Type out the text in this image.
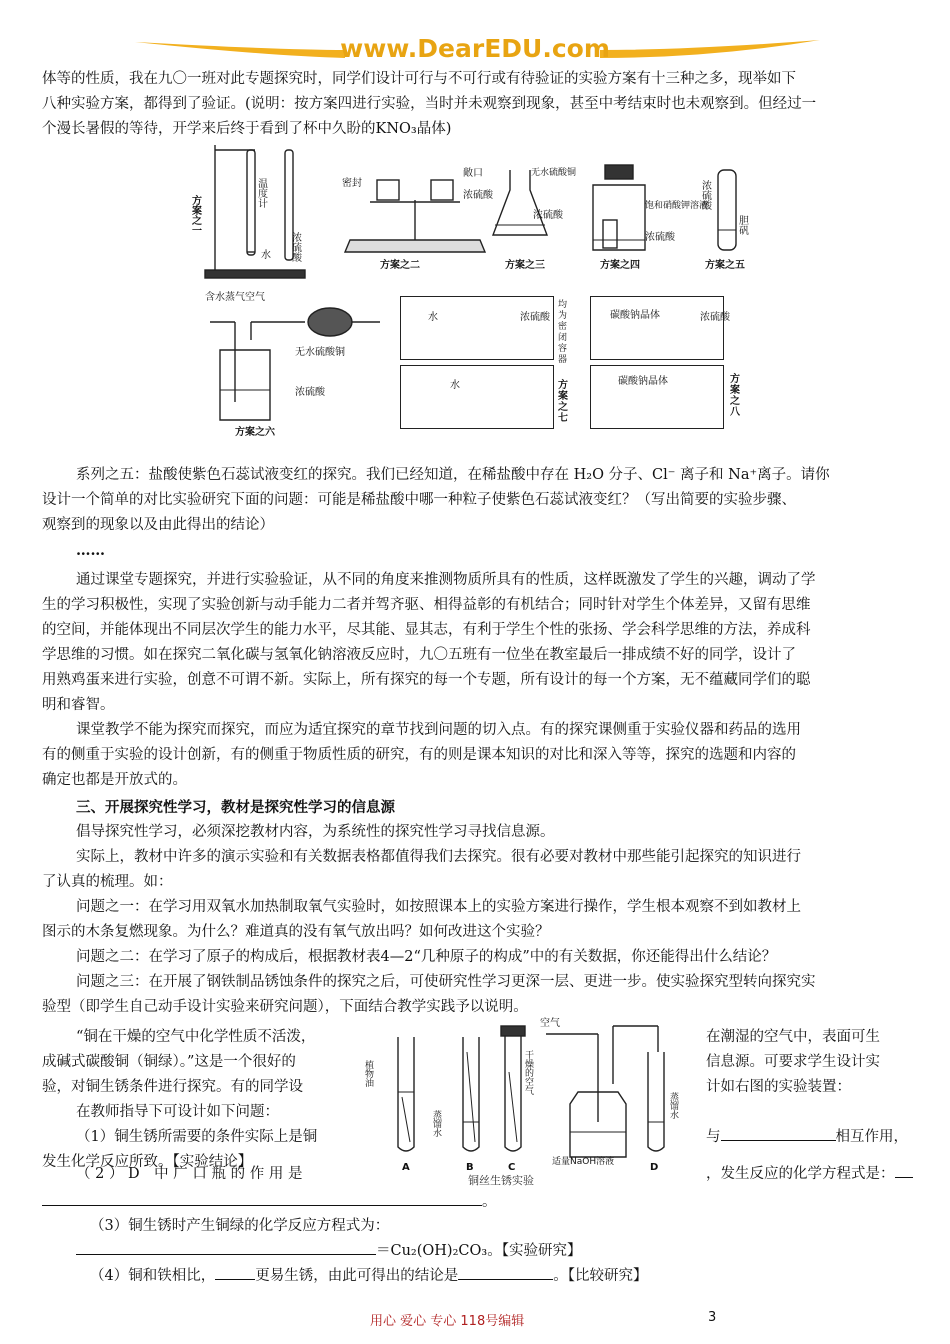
www.DearEDU.com
体等的性质，我在九〇一班对此专题探究时，同学们设计可行与不可行或有待验证的实验方案有十三种之多，现举如下
八种实验方案，都得到了验证。(说明：按方案四进行实验，当时并未观察到现象，甚至中考结束时也未观察到。但经过一
个漫长暑假的等待，开学来后终于看到了杯中久盼的KNO₃晶体)
温度计
水 浓硫酸
方案之一
密封
敞口
浓硫酸
方案之二
无水硫酸铜
浓硫酸
方案之三
饱和硝酸钾溶液
浓硫酸
方案之四
浓硫酸
胆矾
方案之五
含水蒸气空气
无水硫酸铜
浓硫酸
方案之六
水	浓硫酸
水
碳酸钠晶体
碳酸钠晶体
浓硫酸
均为密闭容器
方案之七
方案之八
系列之五：盐酸使紫色石蕊试液变红的探究。我们已经知道，在稀盐酸中存在 H₂O 分子、Cl⁻ 离子和 Na⁺离子。请你
设计一个简单的对比实验研究下面的问题：可能是稀盐酸中哪一种粒子使紫色石蕊试液变红？（写出简要的实验步骤、
观察到的现象以及由此得出的结论）
……
通过课堂专题探究，并进行实验验证，从不同的角度来推测物质所具有的性质，这样既激发了学生的兴趣，调动了学
生的学习积极性，实现了实验创新与动手能力二者并驾齐驱、相得益彰的有机结合；同时针对学生个体差异，又留有思维
的空间，并能体现出不同层次学生的能力水平，尽其能、显其志，有利于学生个性的张扬、学会科学思维的方法，养成科
学思维的习惯。如在探究二氧化碳与氢氧化钠溶液反应时，九〇五班有一位坐在教室最后一排成绩不好的同学，设计了
用熟鸡蛋来进行实验，创意不可谓不新。实际上，所有探究的每一个专题，所有设计的每一个方案，无不蕴藏同学们的聪
明和睿智。
课堂教学不能为探究而探究，而应为适宜探究的章节找到问题的切入点。有的探究课侧重于实验仪器和药品的选用
有的侧重于实验的设计创新，有的侧重于物质性质的研究，有的则是课本知识的对比和深入等等，探究的选题和内容的
确定也都是开放式的。
三、开展探究性学习，教材是探究性学习的信息源
倡导探究性学习，必须深挖教材内容，为系统性的探究性学习寻找信息源。
实际上，教材中许多的演示实验和有关数据表格都值得我们去探究。很有必要对教材中那些能引起探究的知识进行
了认真的梳理。如：
问题之一：在学习用双氧水加热制取氧气实验时，如按照课本上的实验方案进行操作，学生根本观察不到如教材上
图示的木条复燃现象。为什么？难道真的没有氧气放出吗？如何改进这个实验？
问题之二：在学习了原子的构成后，根据教材表4—2“几种原子的构成”中的有关数据，你还能得出什么结论？
问题之三：在开展了钢铁制品锈蚀条件的探究之后，可使研究性学习更深一层、更进一步。使实验探究型转向探究实
验型（即学生自己动手设计实验来研究问题），下面结合教学实践予以说明。
“铜在干燥的空气中化学性质不活泼，
成碱式碳酸铜（铜绿）。”这是一个很好的
验，对铜生锈条件进行探究。有的同学设
在教师指导下可设计如下问题：
（1）铜生锈所需要的条件实际上是铜
发生化学反应所致。【实验结论】
在潮湿的空气中，表面可生
信息源。可要求学生设计实
计如右图的实验装置：
与	相互作用，
植物油
A
蒸馏水
B
干燥的空气
C
空气
适量NaOH溶液
蒸馏水
D
铜丝生锈实验
（ 2 ） D　中 广 口 瓶 的 作 用 是	，发生反应的化学方程式是：
。
（3）铜生锈时产生铜绿的化学反应方程式为：
＝Cu₂(OH)₂CO₃。【实验研究】
（4）铜和铁相比，	更易生锈，由此可得出的结论是	。【比较研究】
用心 爱心 专心 118号编辑	3
